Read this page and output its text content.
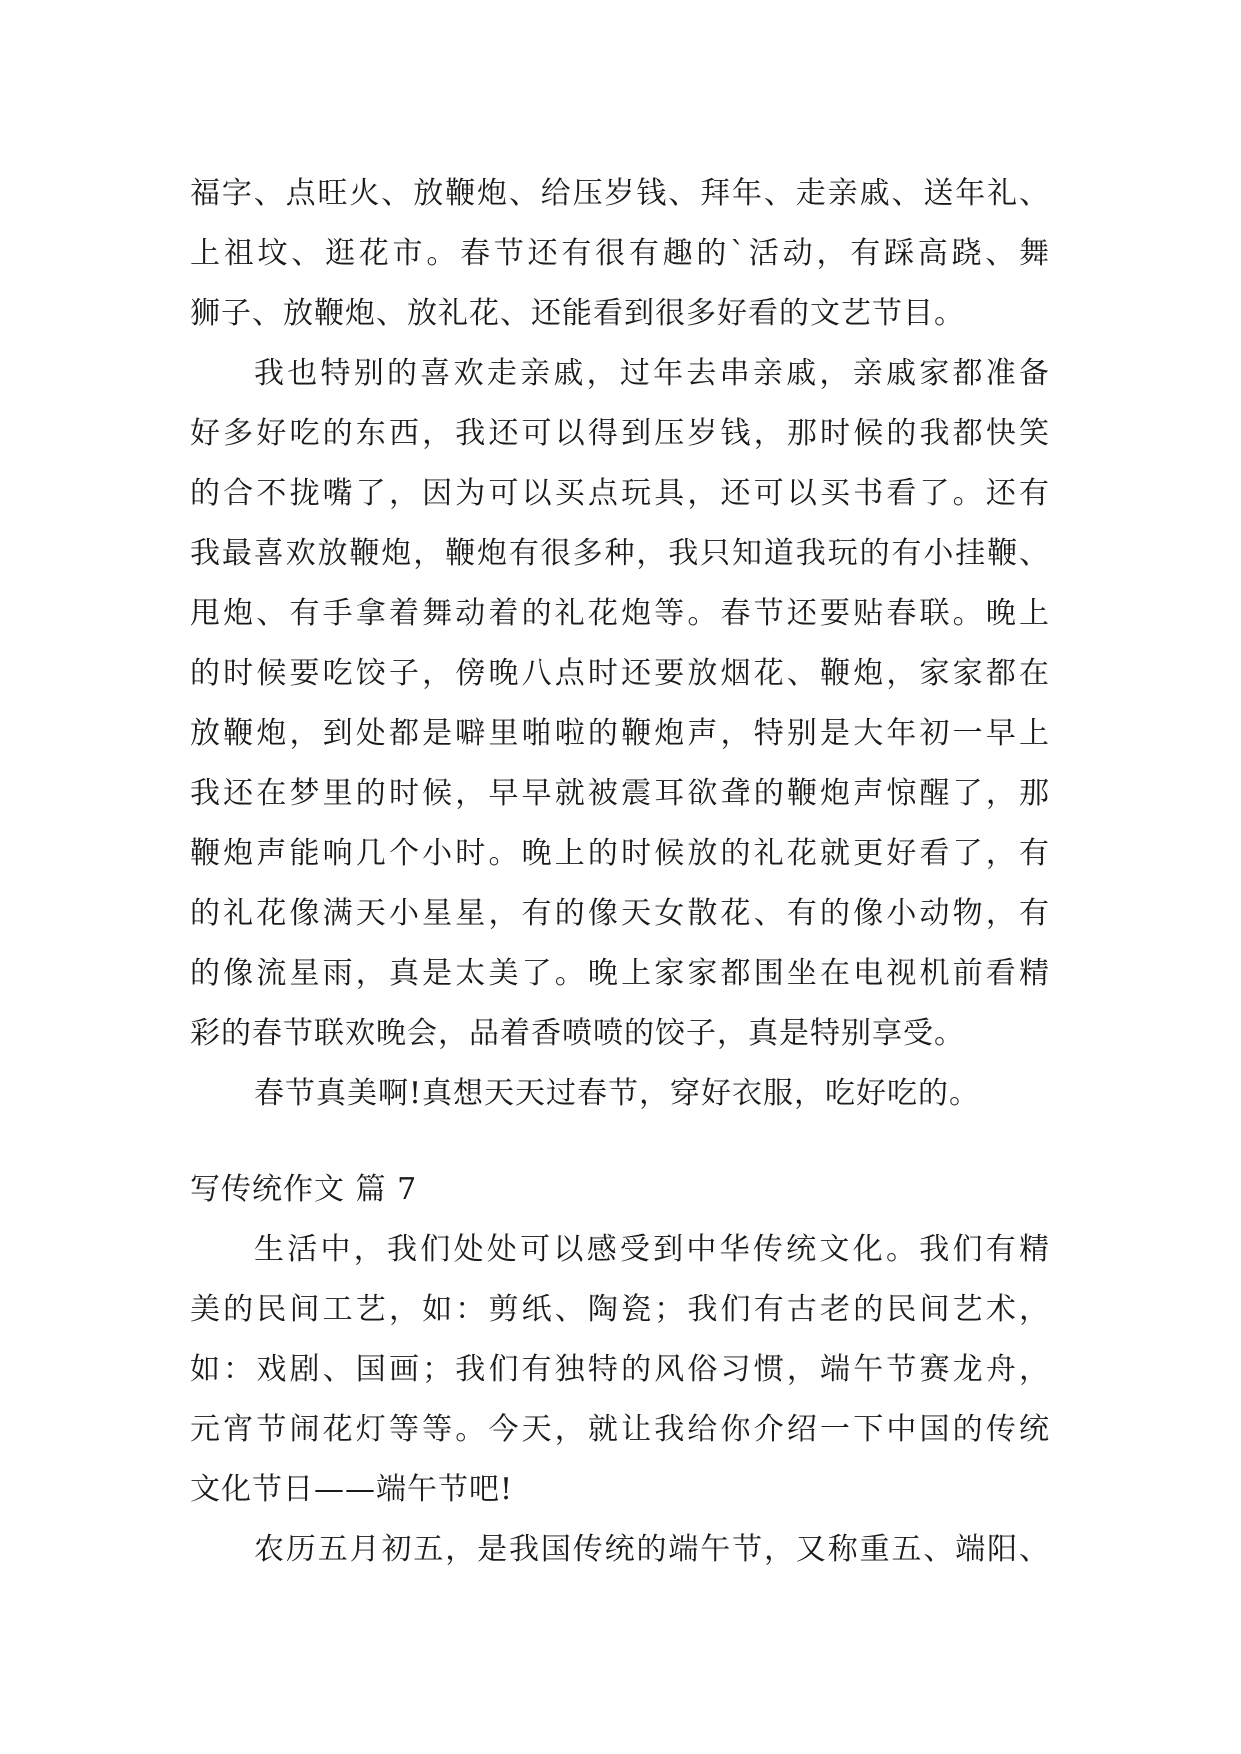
福字、点旺火、放鞭炮、给压岁钱、拜年、走亲戚、送年礼、
上祖坟、逛花市。春节还有很有趣的`活动，有踩高跷、舞
狮子、放鞭炮、放礼花、还能看到很多好看的文艺节目。
我也特别的喜欢走亲戚，过年去串亲戚，亲戚家都准备
好多好吃的东西，我还可以得到压岁钱，那时候的我都快笑
的合不拢嘴了，因为可以买点玩具，还可以买书看了。还有
我最喜欢放鞭炮，鞭炮有很多种，我只知道我玩的有小挂鞭、
甩炮、有手拿着舞动着的礼花炮等。春节还要贴春联。晚上
的时候要吃饺子，傍晚八点时还要放烟花、鞭炮，家家都在
放鞭炮，到处都是噼里啪啦的鞭炮声，特别是大年初一早上
我还在梦里的时候，早早就被震耳欲聋的鞭炮声惊醒了，那
鞭炮声能响几个小时。晚上的时候放的礼花就更好看了，有
的礼花像满天小星星，有的像天女散花、有的像小动物，有
的像流星雨，真是太美了。晚上家家都围坐在电视机前看精
彩的春节联欢晚会，品着香喷喷的饺子，真是特别享受。
春节真美啊!真想天天过春节，穿好衣服，吃好吃的。
写传统作文 篇 7
生活中，我们处处可以感受到中华传统文化。我们有精
美的民间工艺，如：剪纸、陶瓷；我们有古老的民间艺术，
如：戏剧、国画；我们有独特的风俗习惯，端午节赛龙舟，
元宵节闹花灯等等。今天，就让我给你介绍一下中国的传统
文化节日——端午节吧!
农历五月初五，是我国传统的端午节，又称重五、端阳、
